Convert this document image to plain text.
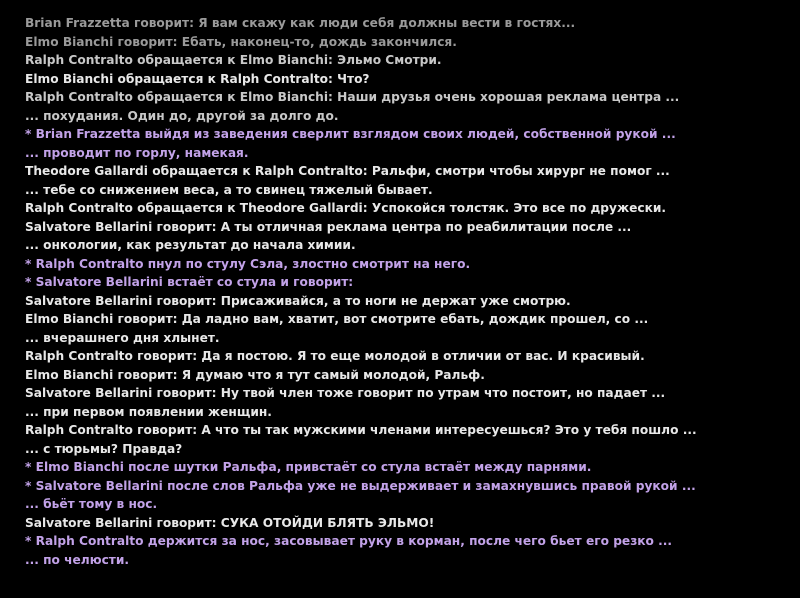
Brian Frazzetta говорит: Я вам скажу как люди себя должны вести в гостях...
Elmo Bianchi говорит: Ебать, наконец-то, дождь закончился.
Ralph Contralto обращается к Elmo Bianchi: Эльмо Смотри.
Elmo Bianchi обращается к Ralph Contralto: Что?
Ralph Contralto обращается к Elmo Bianchi: Наши друзья очень хорошая реклама центра ...
... похудания. Один до, другой за долго до.
* Brian Frazzetta выйдя из заведения сверлит взглядом своих людей, собственной рукой ...
... проводит по горлу, намекая.
Theodore Gallardi обращается к Ralph Contralto: Ральфи, смотри чтобы хирург не помог ...
... тебе со снижением веса, а то свинец тяжелый бывает.
Ralph Contralto обращается к Theodore Gallardi: Успокойся толстяк. Это все по дружески.
Salvatore Bellarini говорит: А ты отличная реклама центра по реабилитации после ...
... онкологии, как результат до начала химии.
* Ralph Contralto пнул по стулу Сэла, злостно смотрит на него.
* Salvatore Bellarini встаёт со стула и говорит:
Salvatore Bellarini говорит: Присаживайся, а то ноги не держат уже смотрю.
Elmo Bianchi говорит: Да ладно вам, хватит, вот смотрите ебать, дождик прошел, со ...
... вчерашнего дня хлынет.
Ralph Contralto говорит: Да я постою. Я то еще молодой в отличии от вас. И красивый.
Elmo Bianchi говорит: Я думаю что я тут самый молодой, Ральф.
Salvatore Bellarini говорит: Ну твой член тоже говорит по утрам что постоит, но падает ...
... при первом появлении женщин.
Ralph Contralto говорит: А что ты так мужскими членами интересуешься? Это у тебя пошло ...
... с тюрьмы? Правда?
* Elmo Bianchi после шутки Ральфа, привстаёт со стула встаёт между парнями.
* Salvatore Bellarini после слов Ральфа уже не выдерживает и замахнувшись правой рукой ...
... бьёт тому в нос.
Salvatore Bellarini говорит: СУКА ОТОЙДИ БЛЯТЬ ЭЛЬМО!
* Ralph Contralto держится за нос, засовывает руку в корман, после чего бьет его резко ...
... по челюсти.
